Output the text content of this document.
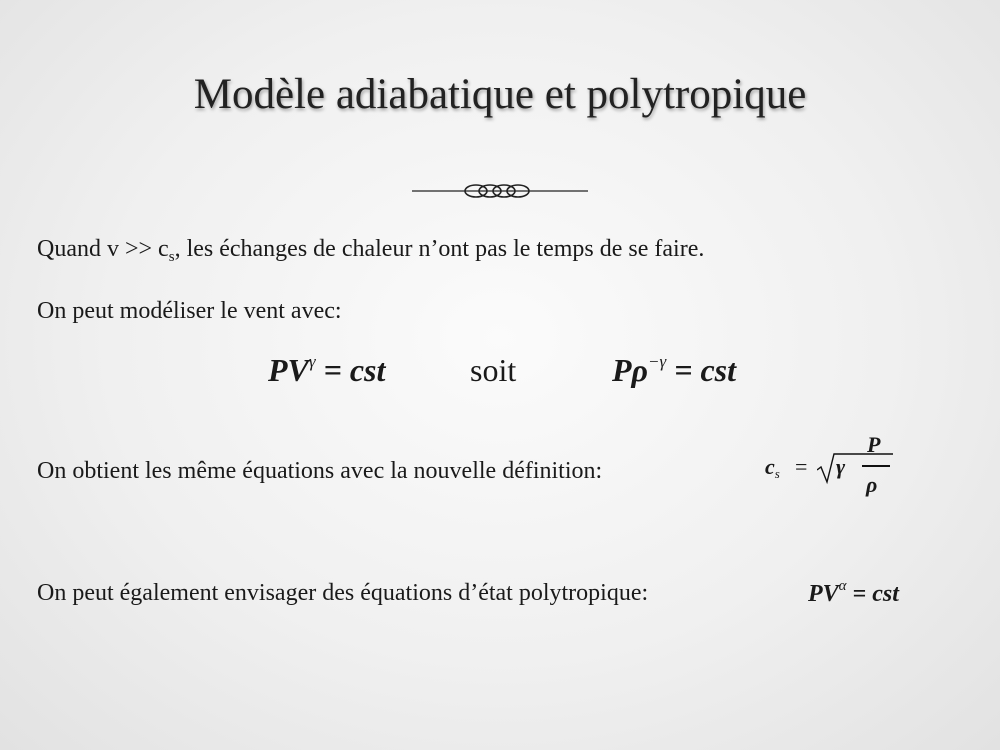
Modèle adiabatique et polytropique
Quand $v >> c_s$, les échanges de chaleur n’ont pas le temps de se faire.
On peut modéliser le vent avec:
$PV^\gamma$ = cst	soit	$P\rho^{-\gamma}$ = cst
On obtient les même équations avec la nouvelle définition:	$c_s = \gamma$
P
ρ
On peut également envisager des équations d’état polytropique:	$PV^\alpha$ = cst
